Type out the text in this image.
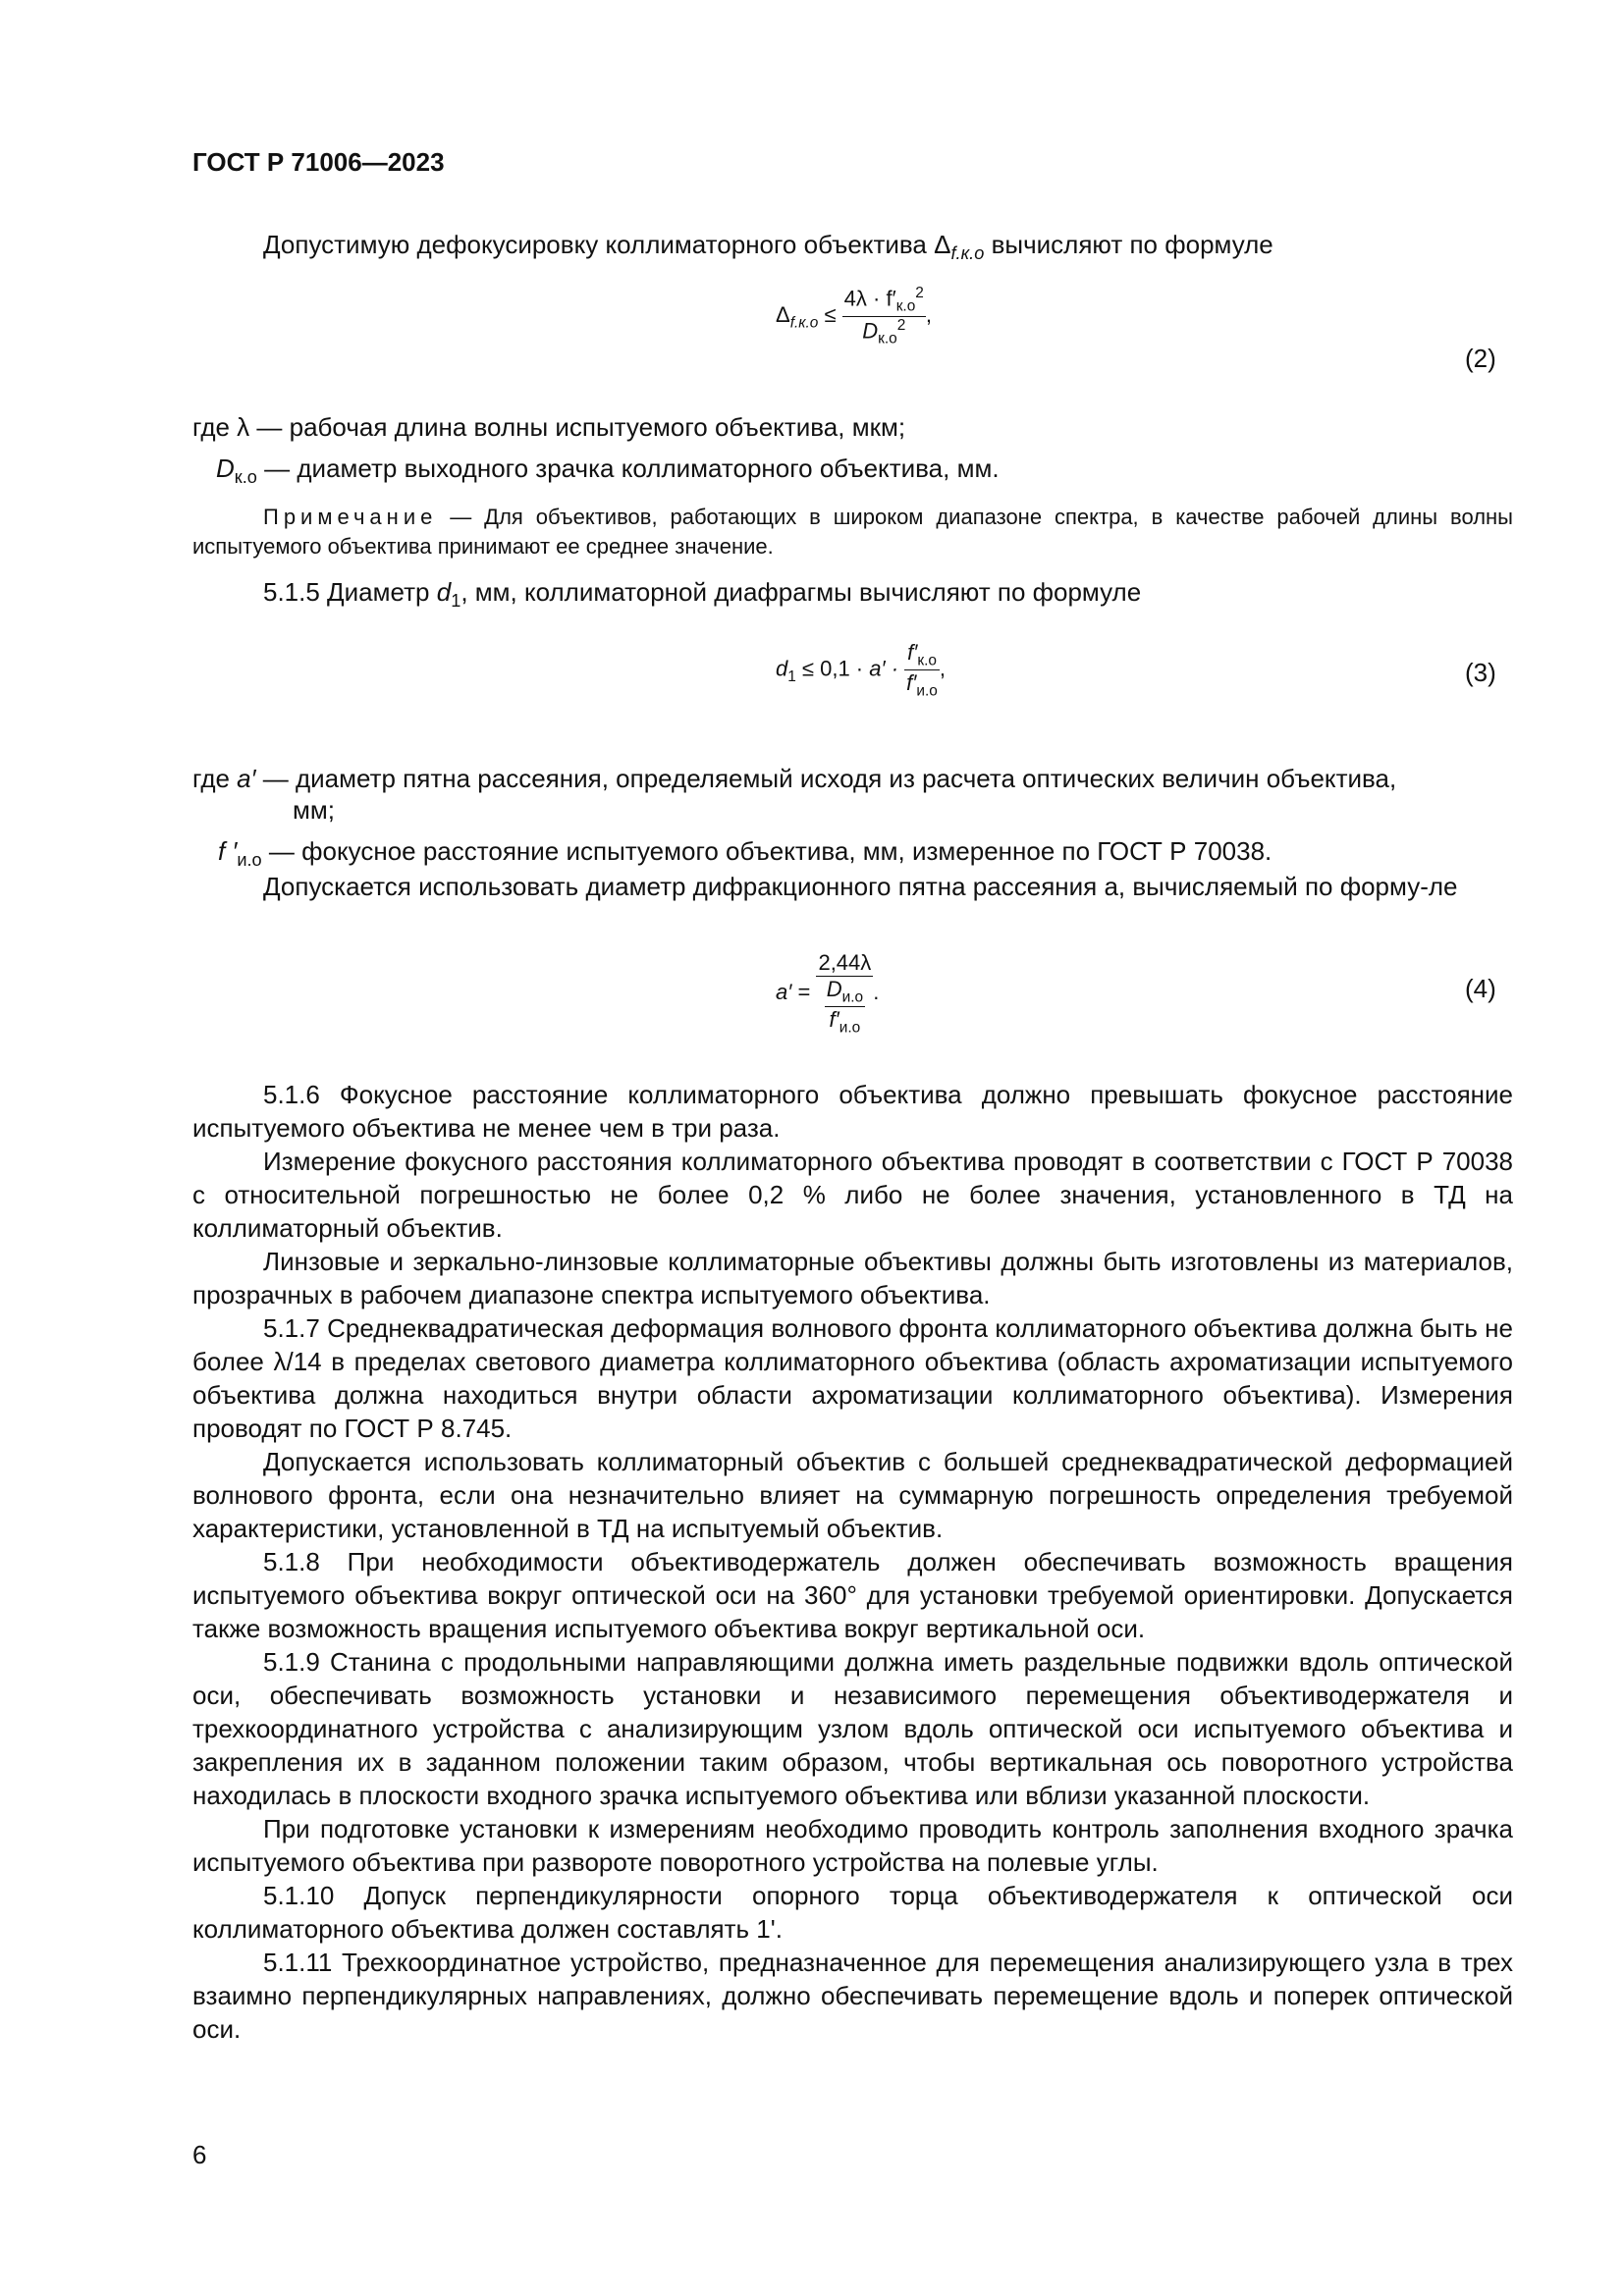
ГОСТ Р 71006—2023
Допустимую дефокусировку коллиматорного объектива $\Delta_{f.к.о}$ вычисляют по формуле
$\Delta_{f.к.о} \le \frac{4\lambda \cdot f'_{к.о}^2}{D_{к.о}^2}$ ,
(2)
где λ — рабочая длина волны испытуемого объектива, мкм;
$D_{к.о}$ — диаметр выходного зрачка коллиматорного объектива, мм.
Примечание — Для объективов, работающих в широком диапазоне спектра, в качестве рабочей длины волны испытуемого объектива принимают ее среднее значение.
5.1.5 Диаметр $d_1$, мм, коллиматорной диафрагмы вычисляют по формуле
$d_1 \le 0,1 \cdot a' \cdot \frac{f'_{к.о}}{f'_{и.о}}$ ,	(3)
где a′ — диаметр пятна рассеяния, определяемый исходя из расчета оптических величин объектива,
мм;
f $'_{и.о}$ — фокусное расстояние испытуемого объектива, мм, измеренное по ГОСТ Р 70038.
Допускается использовать диаметр дифракционного пятна рассеяния a, вычисляемый по форму-ле
$a' = \frac{2,44\lambda}{\frac{D_{и.о}}{f'_{и.о}}}$ .	(4)
5.1.6 Фокусное расстояние коллиматорного объектива должно превышать фокусное расстояние испытуемого объектива не менее чем в три раза.
Измерение фокусного расстояния коллиматорного объектива проводят в соответствии с ГОСТ Р 70038 с относительной погрешностью не более 0,2 % либо не более значения, установленного в ТД на коллиматорный объектив.
Линзовые и зеркально-линзовые коллиматорные объективы должны быть изготовлены из материалов, прозрачных в рабочем диапазоне спектра испытуемого объектива.
5.1.7 Среднеквадратическая деформация волнового фронта коллиматорного объектива должна быть не более λ/14 в пределах светового диаметра коллиматорного объектива (область ахроматизации испытуемого объектива должна находиться внутри области ахроматизации коллиматорного объектива). Измерения проводят по ГОСТ Р 8.745.
Допускается использовать коллиматорный объектив с большей среднеквадратической деформацией волнового фронта, если она незначительно влияет на суммарную погрешность определения требуемой характеристики, установленной в ТД на испытуемый объектив.
5.1.8 При необходимости объективодержатель должен обеспечивать возможность вращения испытуемого объектива вокруг оптической оси на 360° для установки требуемой ориентировки. Допускается также возможность вращения испытуемого объектива вокруг вертикальной оси.
5.1.9 Станина с продольными направляющими должна иметь раздельные подвижки вдоль оптической оси, обеспечивать возможность установки и независимого перемещения объективодержателя и трехкоординатного устройства с анализирующим узлом вдоль оптической оси испытуемого объектива и закрепления их в заданном положении таким образом, чтобы вертикальная ось поворотного устройства находилась в плоскости входного зрачка испытуемого объектива или вблизи указанной плоскости.
При подготовке установки к измерениям необходимо проводить контроль заполнения входного зрачка испытуемого объектива при развороте поворотного устройства на полевые углы.
5.1.10 Допуск перпендикулярности опорного торца объективодержателя к оптической оси коллиматорного объектива должен составлять 1'.
5.1.11 Трехкоординатное устройство, предназначенное для перемещения анализирующего узла в трех взаимно перпендикулярных направлениях, должно обеспечивать перемещение вдоль и поперек оптической оси.
6
